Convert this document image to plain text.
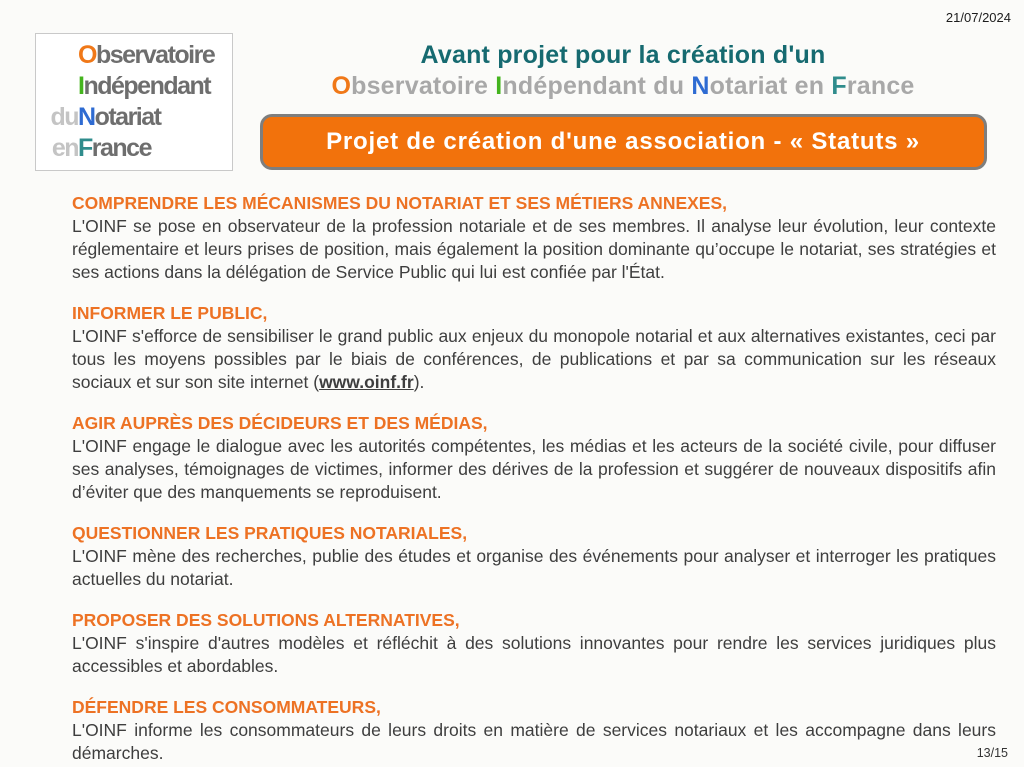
21/07/2024
O bservatoire
I ndépendant
du N otariat
en F rance
Avant projet pour la création d'un
Observatoire Indépendant du Notariat en France
Projet de création d'une association - « Statuts »
COMPRENDRE LES MÉCANISMES DU NOTARIAT ET SES MÉTIERS ANNEXES,
L'OINF se pose en observateur de la profession notariale et de ses membres. Il analyse leur évolution, leur contexte réglementaire et leurs prises de position, mais également la position dominante qu’occupe le notariat, ses stratégies et ses actions dans la délégation de Service Public qui lui est confiée par l'État.
INFORMER LE PUBLIC,
L'OINF s'efforce de sensibiliser le grand public aux enjeux du monopole notarial et aux alternatives existantes, ceci par tous les moyens possibles par le biais de conférences, de publications et par sa communication sur les réseaux sociaux et sur son site internet (www.oinf.fr).
AGIR AUPRÈS DES DÉCIDEURS ET DES MÉDIAS,
L'OINF engage le dialogue avec les autorités compétentes, les médias et les acteurs de la société civile, pour diffuser ses analyses, témoignages de victimes, informer des dérives de la profession et suggérer de nouveaux dispositifs afin d’éviter que des manquements se reproduisent.
QUESTIONNER LES PRATIQUES NOTARIALES,
L'OINF mène des recherches, publie des études et organise des événements pour analyser et interroger les pratiques actuelles du notariat.
PROPOSER DES SOLUTIONS ALTERNATIVES,
L'OINF s'inspire d'autres modèles et réfléchit à des solutions innovantes pour rendre les services juridiques plus accessibles et abordables.
DÉFENDRE LES CONSOMMATEURS,
L'OINF informe les consommateurs de leurs droits en matière de services notariaux et les accompagne dans leurs démarches.	13/15
